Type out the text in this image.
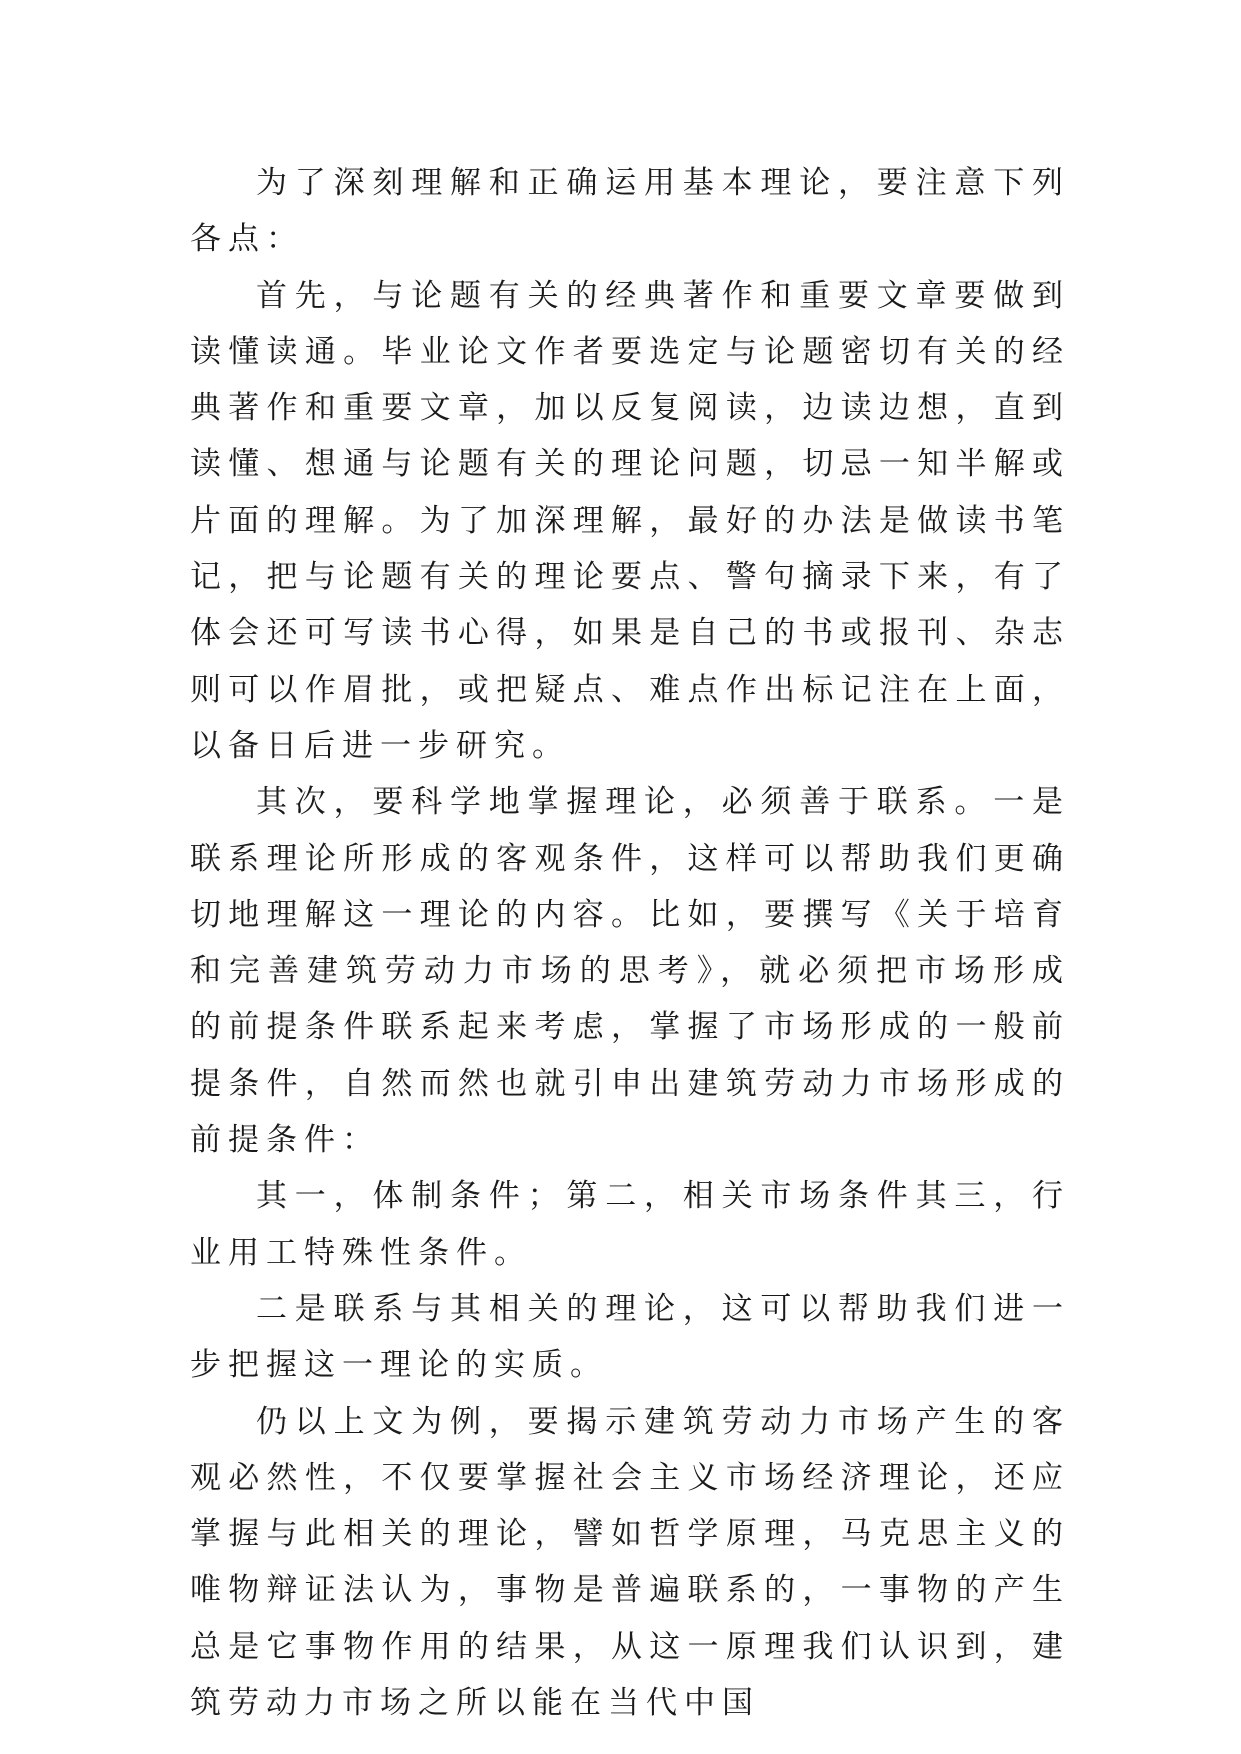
为了深刻理解和正确运用基本理论，要注意下列各点：

首先，与论题有关的经典著作和重要文章要做到读懂读通。毕业论文作者要选定与论题密切有关的经典著作和重要文章，加以反复阅读，边读边想，直到读懂、想通与论题有关的理论问题，切忌一知半解或片面的理解。为了加深理解，最好的办法是做读书笔记，把与论题有关的理论要点、警句摘录下来，有了体会还可写读书心得，如果是自己的书或报刊、杂志则可以作眉批，或把疑点、难点作出标记注在上面，以备日后进一步研究。

其次，要科学地掌握理论，必须善于联系。一是联系理论所形成的客观条件，这样可以帮助我们更确切地理解这一理论的内容。比如，要撰写《关于培育和完善建筑劳动力市场的思考》，就必须把市场形成的前提条件联系起来考虑，掌握了市场形成的一般前提条件，自然而然也就引申出建筑劳动力市场形成的前提条件：

其一，体制条件；第二，相关市场条件其三，行业用工特殊性条件。

二是联系与其相关的理论，这可以帮助我们进一步把握这一理论的实质。

仍以上文为例，要揭示建筑劳动力市场产生的客观必然性，不仅要掌握社会主义市场经济理论，还应掌握与此相关的理论，譬如哲学原理，马克思主义的唯物辩证法认为，事物是普遍联系的，一事物的产生总是它事物作用的结果，从这一原理我们认识到，建筑劳动力市场之所以能在当代中国
